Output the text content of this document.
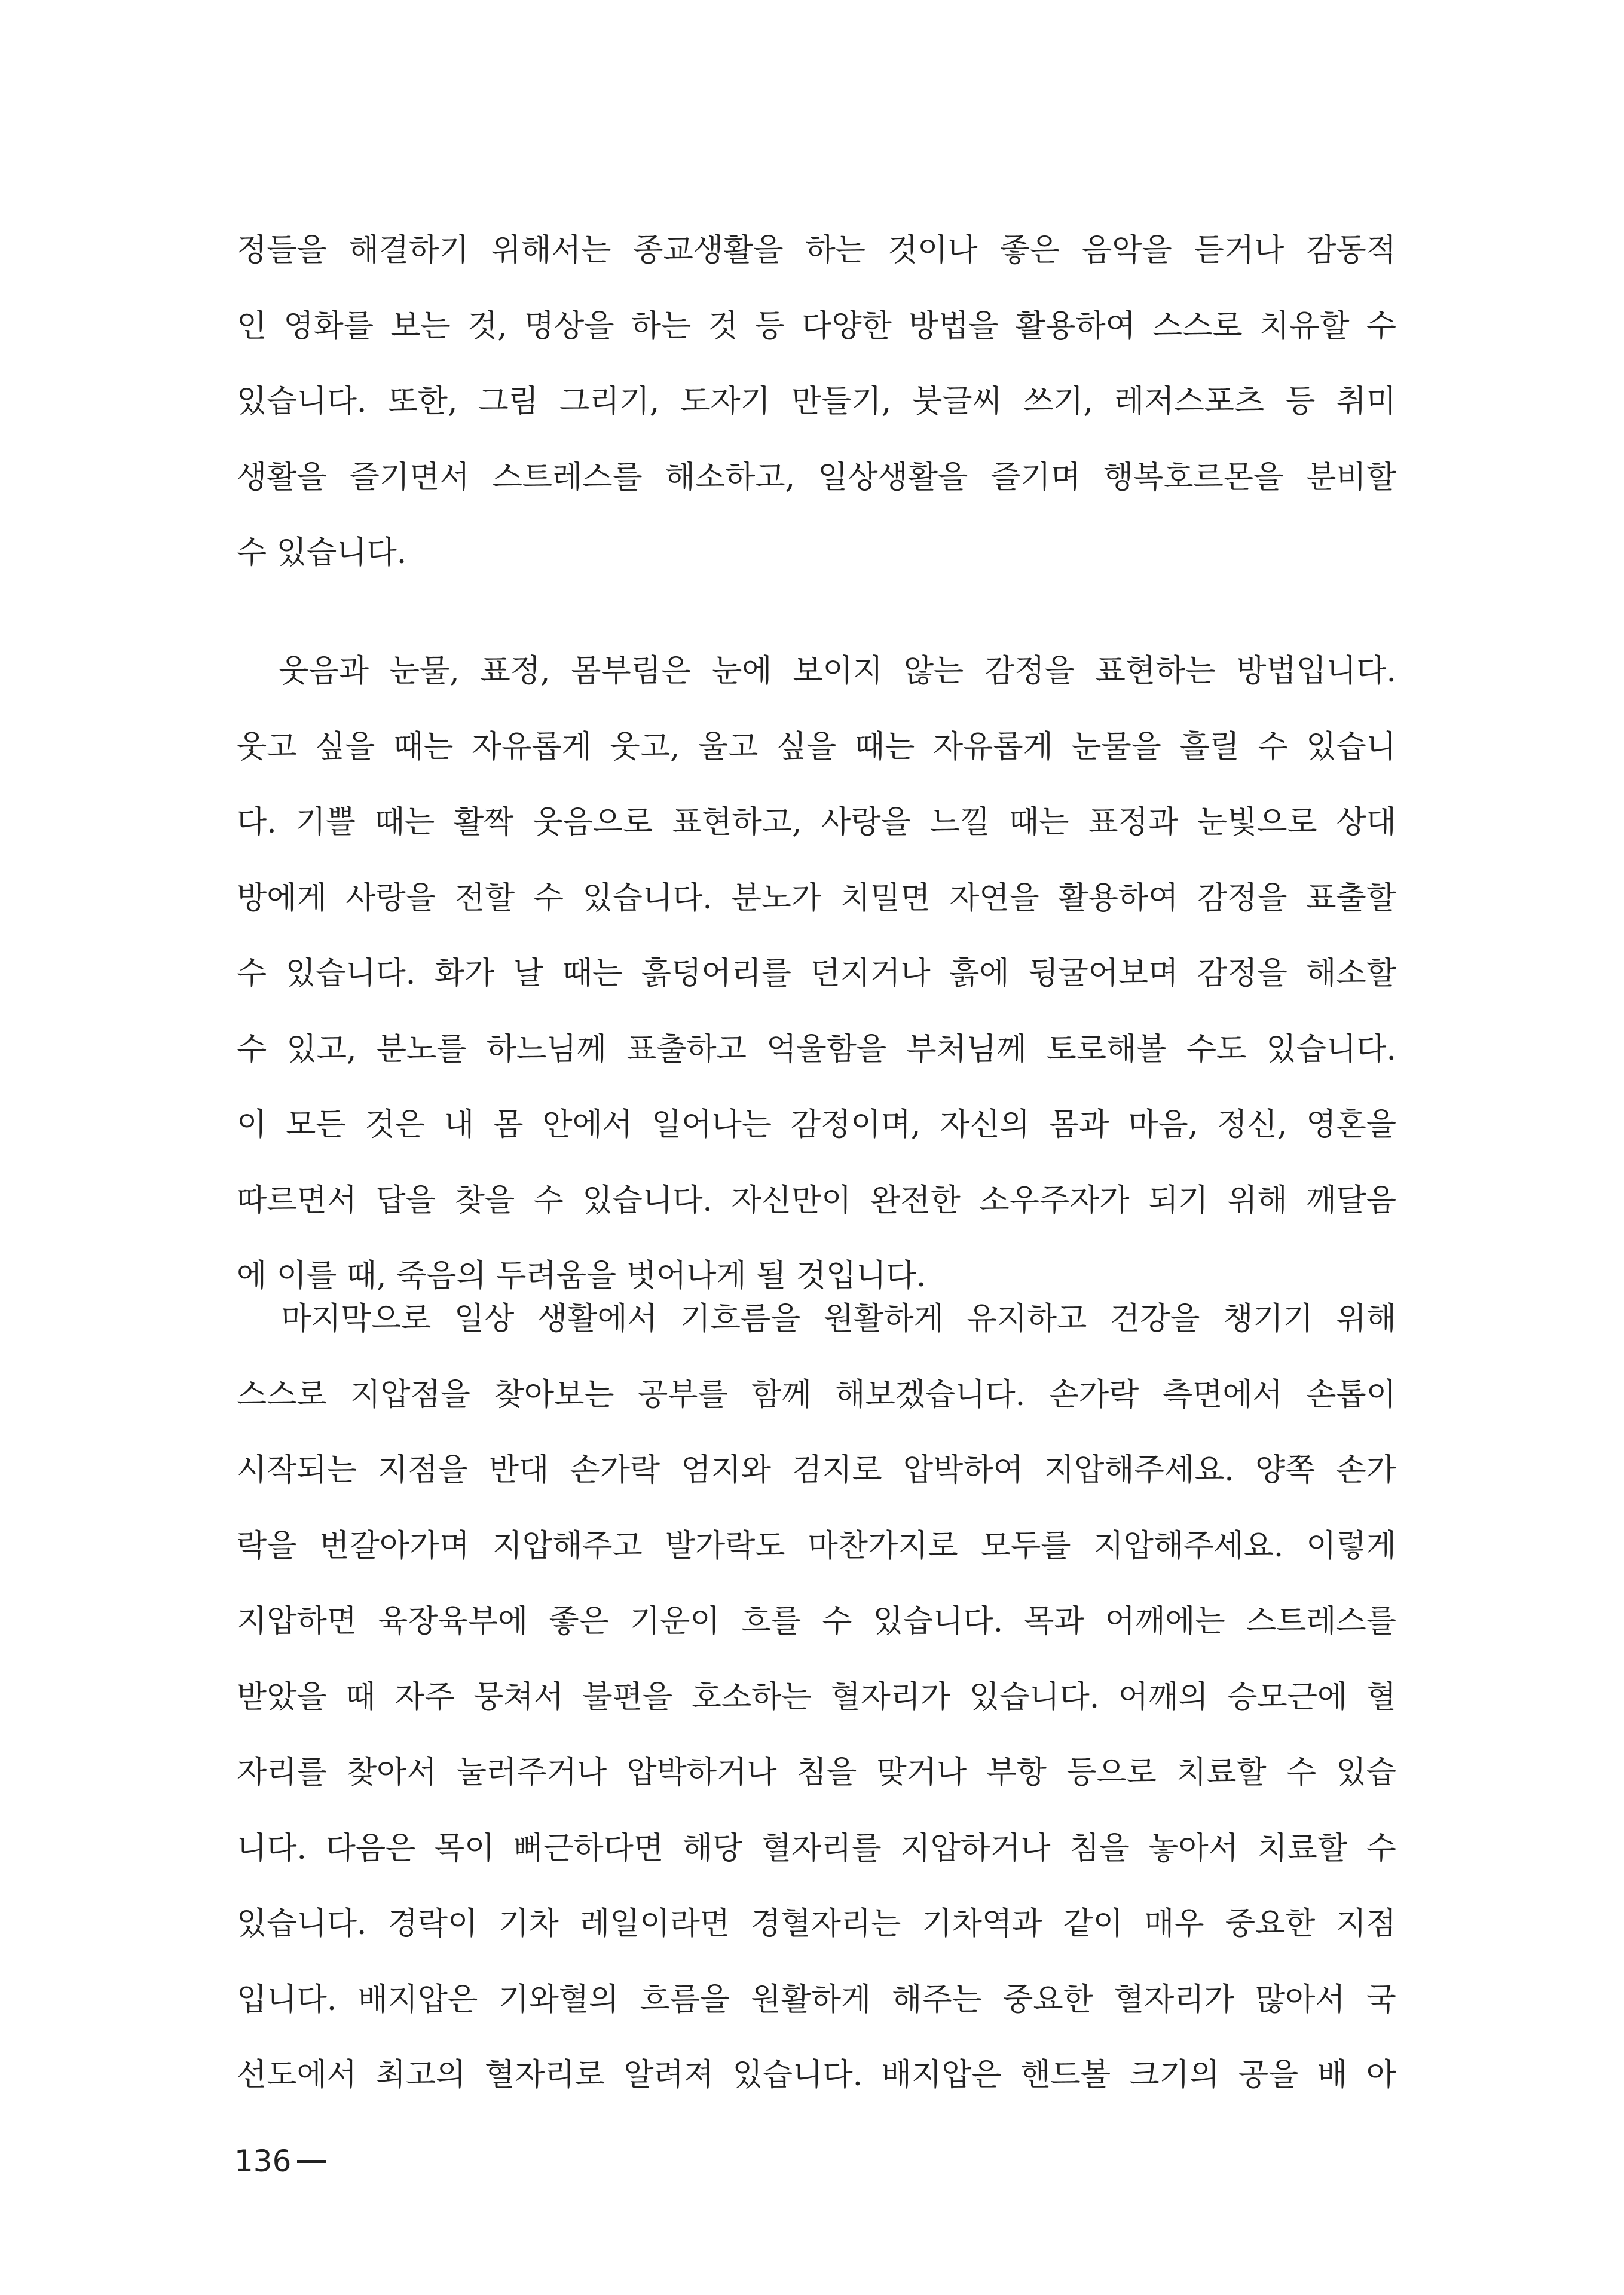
정들을 해결하기 위해서는 종교생활을 하는 것이나 좋은 음악을 듣거나 감동적
인 영화를 보는 것, 명상을 하는 것 등 다양한 방법을 활용하여 스스로 치유할 수
있습니다. 또한, 그림 그리기, 도자기 만들기, 붓글씨 쓰기, 레저스포츠 등 취미
생활을 즐기면서 스트레스를 해소하고, 일상생활을 즐기며 행복호르몬을 분비할
수 있습니다.
　웃음과 눈물, 표정, 몸부림은 눈에 보이지 않는 감정을 표현하는 방법입니다.
웃고 싶을 때는 자유롭게 웃고, 울고 싶을 때는 자유롭게 눈물을 흘릴 수 있습니
다. 기쁠 때는 활짝 웃음으로 표현하고, 사랑을 느낄 때는 표정과 눈빛으로 상대
방에게 사랑을 전할 수 있습니다. 분노가 치밀면 자연을 활용하여 감정을 표출할
수 있습니다. 화가 날 때는 흙덩어리를 던지거나 흙에 뒹굴어보며 감정을 해소할
수 있고, 분노를 하느님께 표출하고 억울함을 부처님께 토로해볼 수도 있습니다.
이 모든 것은 내 몸 안에서 일어나는 감정이며, 자신의 몸과 마음, 정신, 영혼을
따르면서 답을 찾을 수 있습니다. 자신만이 완전한 소우주자가 되기 위해 깨달음
에 이를 때, 죽음의 두려움을 벗어나게 될 것입니다.
　마지막으로 일상 생활에서 기흐름을 원활하게 유지하고 건강을 챙기기 위해
스스로 지압점을 찾아보는 공부를 함께 해보겠습니다. 손가락 측면에서 손톱이
시작되는 지점을 반대 손가락 엄지와 검지로 압박하여 지압해주세요. 양쪽 손가
락을 번갈아가며 지압해주고 발가락도 마찬가지로 모두를 지압해주세요. 이렇게
지압하면 육장육부에 좋은 기운이 흐를 수 있습니다. 목과 어깨에는 스트레스를
받았을 때 자주 뭉쳐서 불편을 호소하는 혈자리가 있습니다. 어깨의 승모근에 혈
자리를 찾아서 눌러주거나 압박하거나 침을 맞거나 부항 등으로 치료할 수 있습
니다. 다음은 목이 뻐근하다면 해당 혈자리를 지압하거나 침을 놓아서 치료할 수
있습니다. 경락이 기차 레일이라면 경혈자리는 기차역과 같이 매우 중요한 지점
입니다. 배지압은 기와혈의 흐름을 원활하게 해주는 중요한 혈자리가 많아서 국
선도에서 최고의 혈자리로 알려져 있습니다. 배지압은 핸드볼 크기의 공을 배 아
136
